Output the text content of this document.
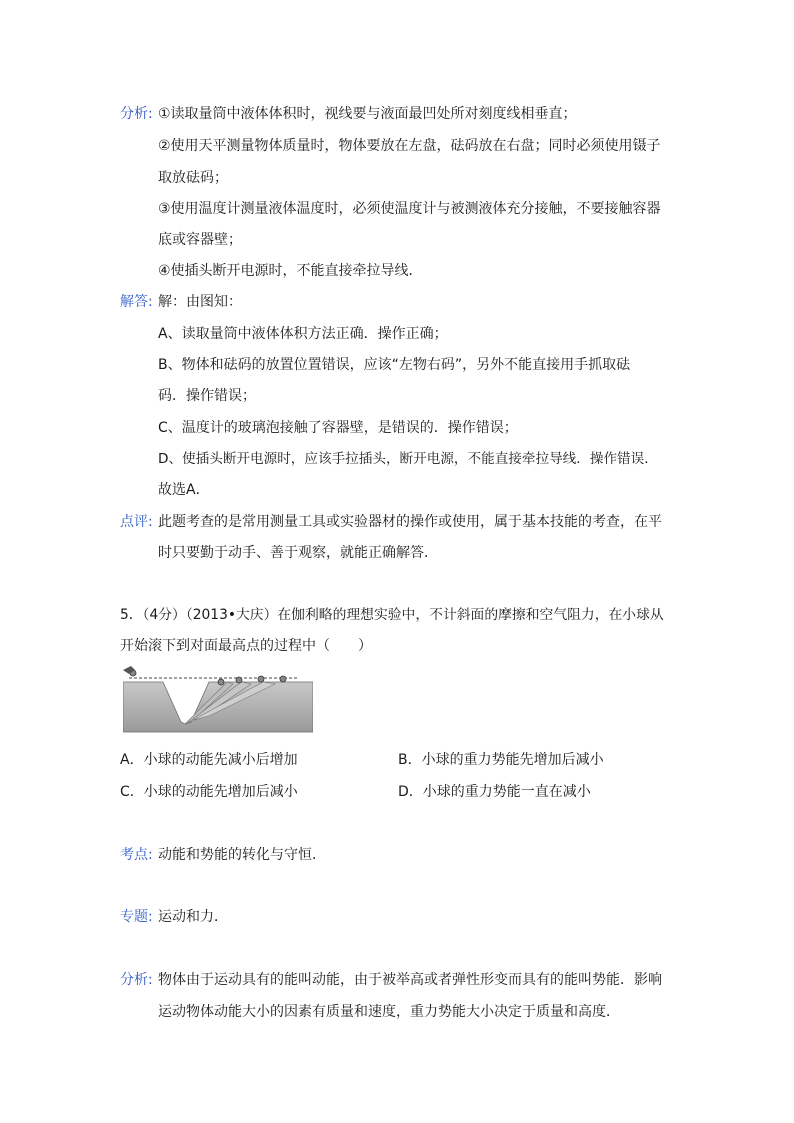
分析: ①读取量筒中液体体积时，视线要与液面最凹处所对刻度线相垂直；
②使用天平测量物体质量时，物体要放在左盘，砝码放在右盘；同时必须使用镊子
取放砝码；
③使用温度计测量液体温度时，必须使温度计与被测液体充分接触，不要接触容器
底或容器壁；
④使插头断开电源时，不能直接牵拉导线．
解答: 解：由图知：
A、读取量筒中液体体积方法正确．操作正确；
B、物体和砝码的放置位置错误，应该“左物右码”，另外不能直接用手抓取砝
码．操作错误；
C、温度计的玻璃泡接触了容器壁，是错误的．操作错误；
D、使插头断开电源时，应该手拉插头，断开电源，不能直接牵拉导线．操作错误．
故选A．
点评: 此题考查的是常用测量工具或实验器材的操作或使用，属于基本技能的考查，在平
时只要勤于动手、善于观察，就能正确解答．
5．（4分）（2013•大庆）在伽利略的理想实验中，不计斜面的摩擦和空气阻力，在小球从
开始滚下到对面最高点的过程中（　　）
A．小球的动能先减小后增加	B．小球的重力势能先增加后减小
C．小球的动能先增加后减小	D．小球的重力势能一直在减小
考点: 动能和势能的转化与守恒．
专题: 运动和力．
分析: 物体由于运动具有的能叫动能，由于被举高或者弹性形变而具有的能叫势能．影响
运动物体动能大小的因素有质量和速度，重力势能大小决定于质量和高度．
